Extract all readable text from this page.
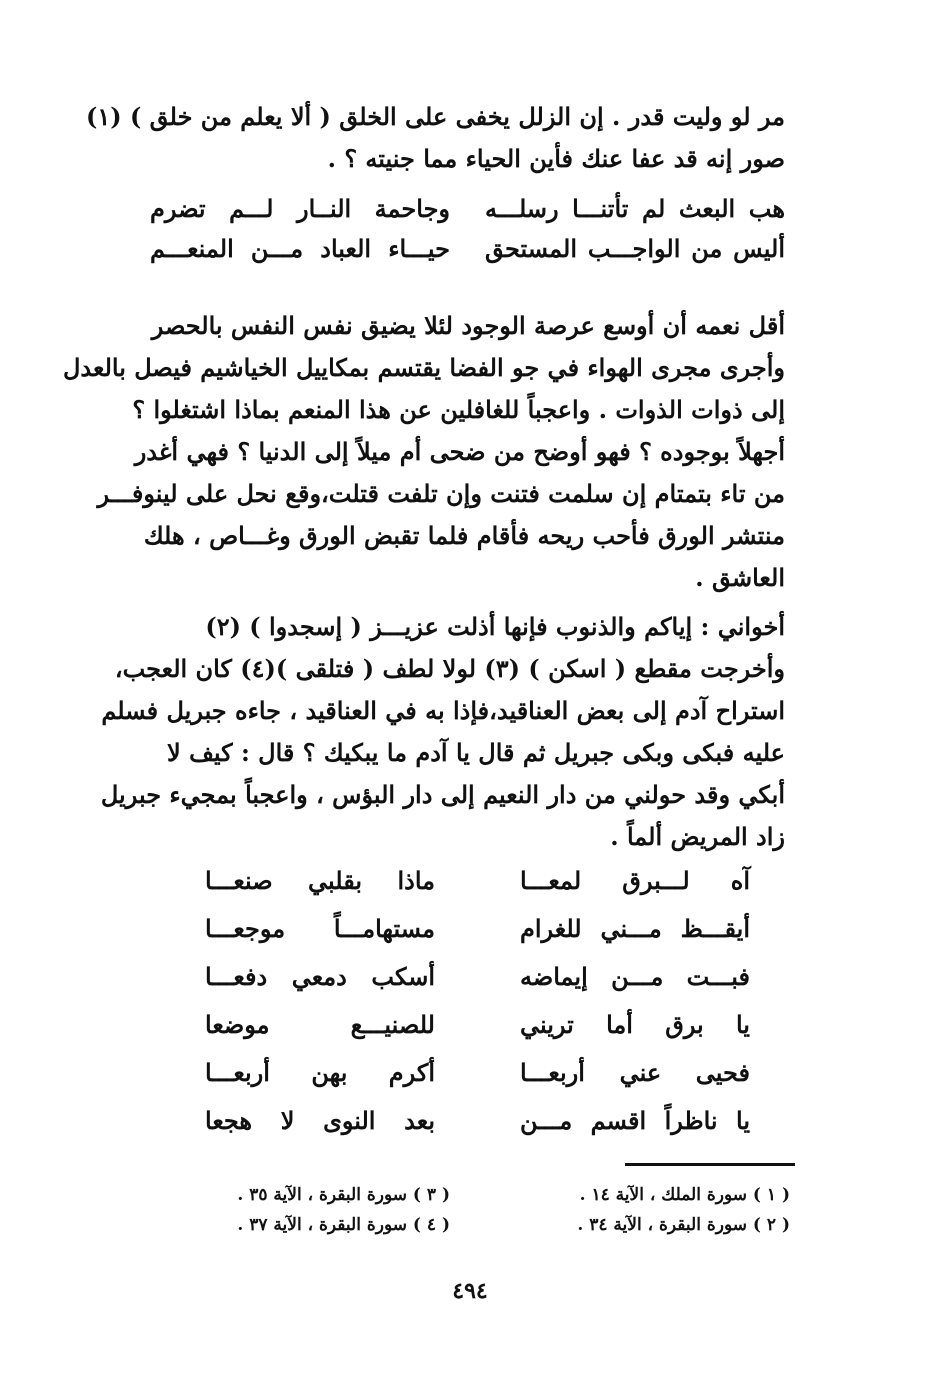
مر لو وليت قدر . إن الزلل يخفى على الخلق ( ألا يعلم من خلق ) (١)
صور إنه قد عفا عنك فأين الحياء مما جنيته ؟ .
هب البعث لم تأتنـــا رسلـــه
وجاحمة النــار لـــم تضرم
أليس من الواجـــب المستحق
حيـــاء العباد مـــن المنعـــم
أقل نعمه أن أوسع عرصة الوجود لئلا يضيق نفس النفس بالحصر
وأجرى مجرى الهواء في جو الفضا يقتسم بمكاييل الخياشيم فيصل بالعدل
إلى ذوات الذوات . واعجباً للغافلين عن هذا المنعم بماذا اشتغلوا ؟
أجهلاً بوجوده ؟ فهو أوضح من ضحى أم ميلاً إلى الدنيا ؟ فهي أغدر
من تاء بتمتام إن سلمت فتنت وإن تلفت قتلت،وقع نحل على لينوفـــر
منتشر الورق فأحب ريحه فأقام فلما تقبض الورق وغـــاص ، هلك
العاشق .
أخواني : إياكم والذنوب فإنها أذلت عزيـــز ( إسجدوا ) (٢)
وأخرجت مقطع ( اسكن ) (٣) لولا لطف ( فتلقى )(٤) كان العجب،
استراح آدم إلى بعض العناقيد،فإذا به في العناقيد ، جاءه جبريل فسلم
عليه فبكى وبكى جبريل ثم قال يا آدم ما يبكيك ؟ قال : كيف لا
أبكي وقد حولني من دار النعيم إلى دار البؤس ، واعجباً بمجيء جبريل
زاد المريض ألماً .
آه لـــبرق لمعـــا
ماذا بقلبي صنعـــا
أيقـــظ مـــني للغرام
مستهامـــاً موجعـــا
فبـــت مـــن إيماضه
أسكب دمعي دفعـــا
يا برق أما تريني
للصنيـــع موضعا
فحيى عني أربعـــا
أكرم بهن أربعـــا
يا ناظراً اقسم مـــن
بعد النوى لا هجعا
( ١ ) سورة الملك ، الآية ١٤ .
( ٢ ) سورة البقرة ، الآية ٣٤ .
( ٣ ) سورة البقرة ، الآية ٣٥ .
( ٤ ) سورة البقرة ، الآية ٣٧ .
٤٩٤
